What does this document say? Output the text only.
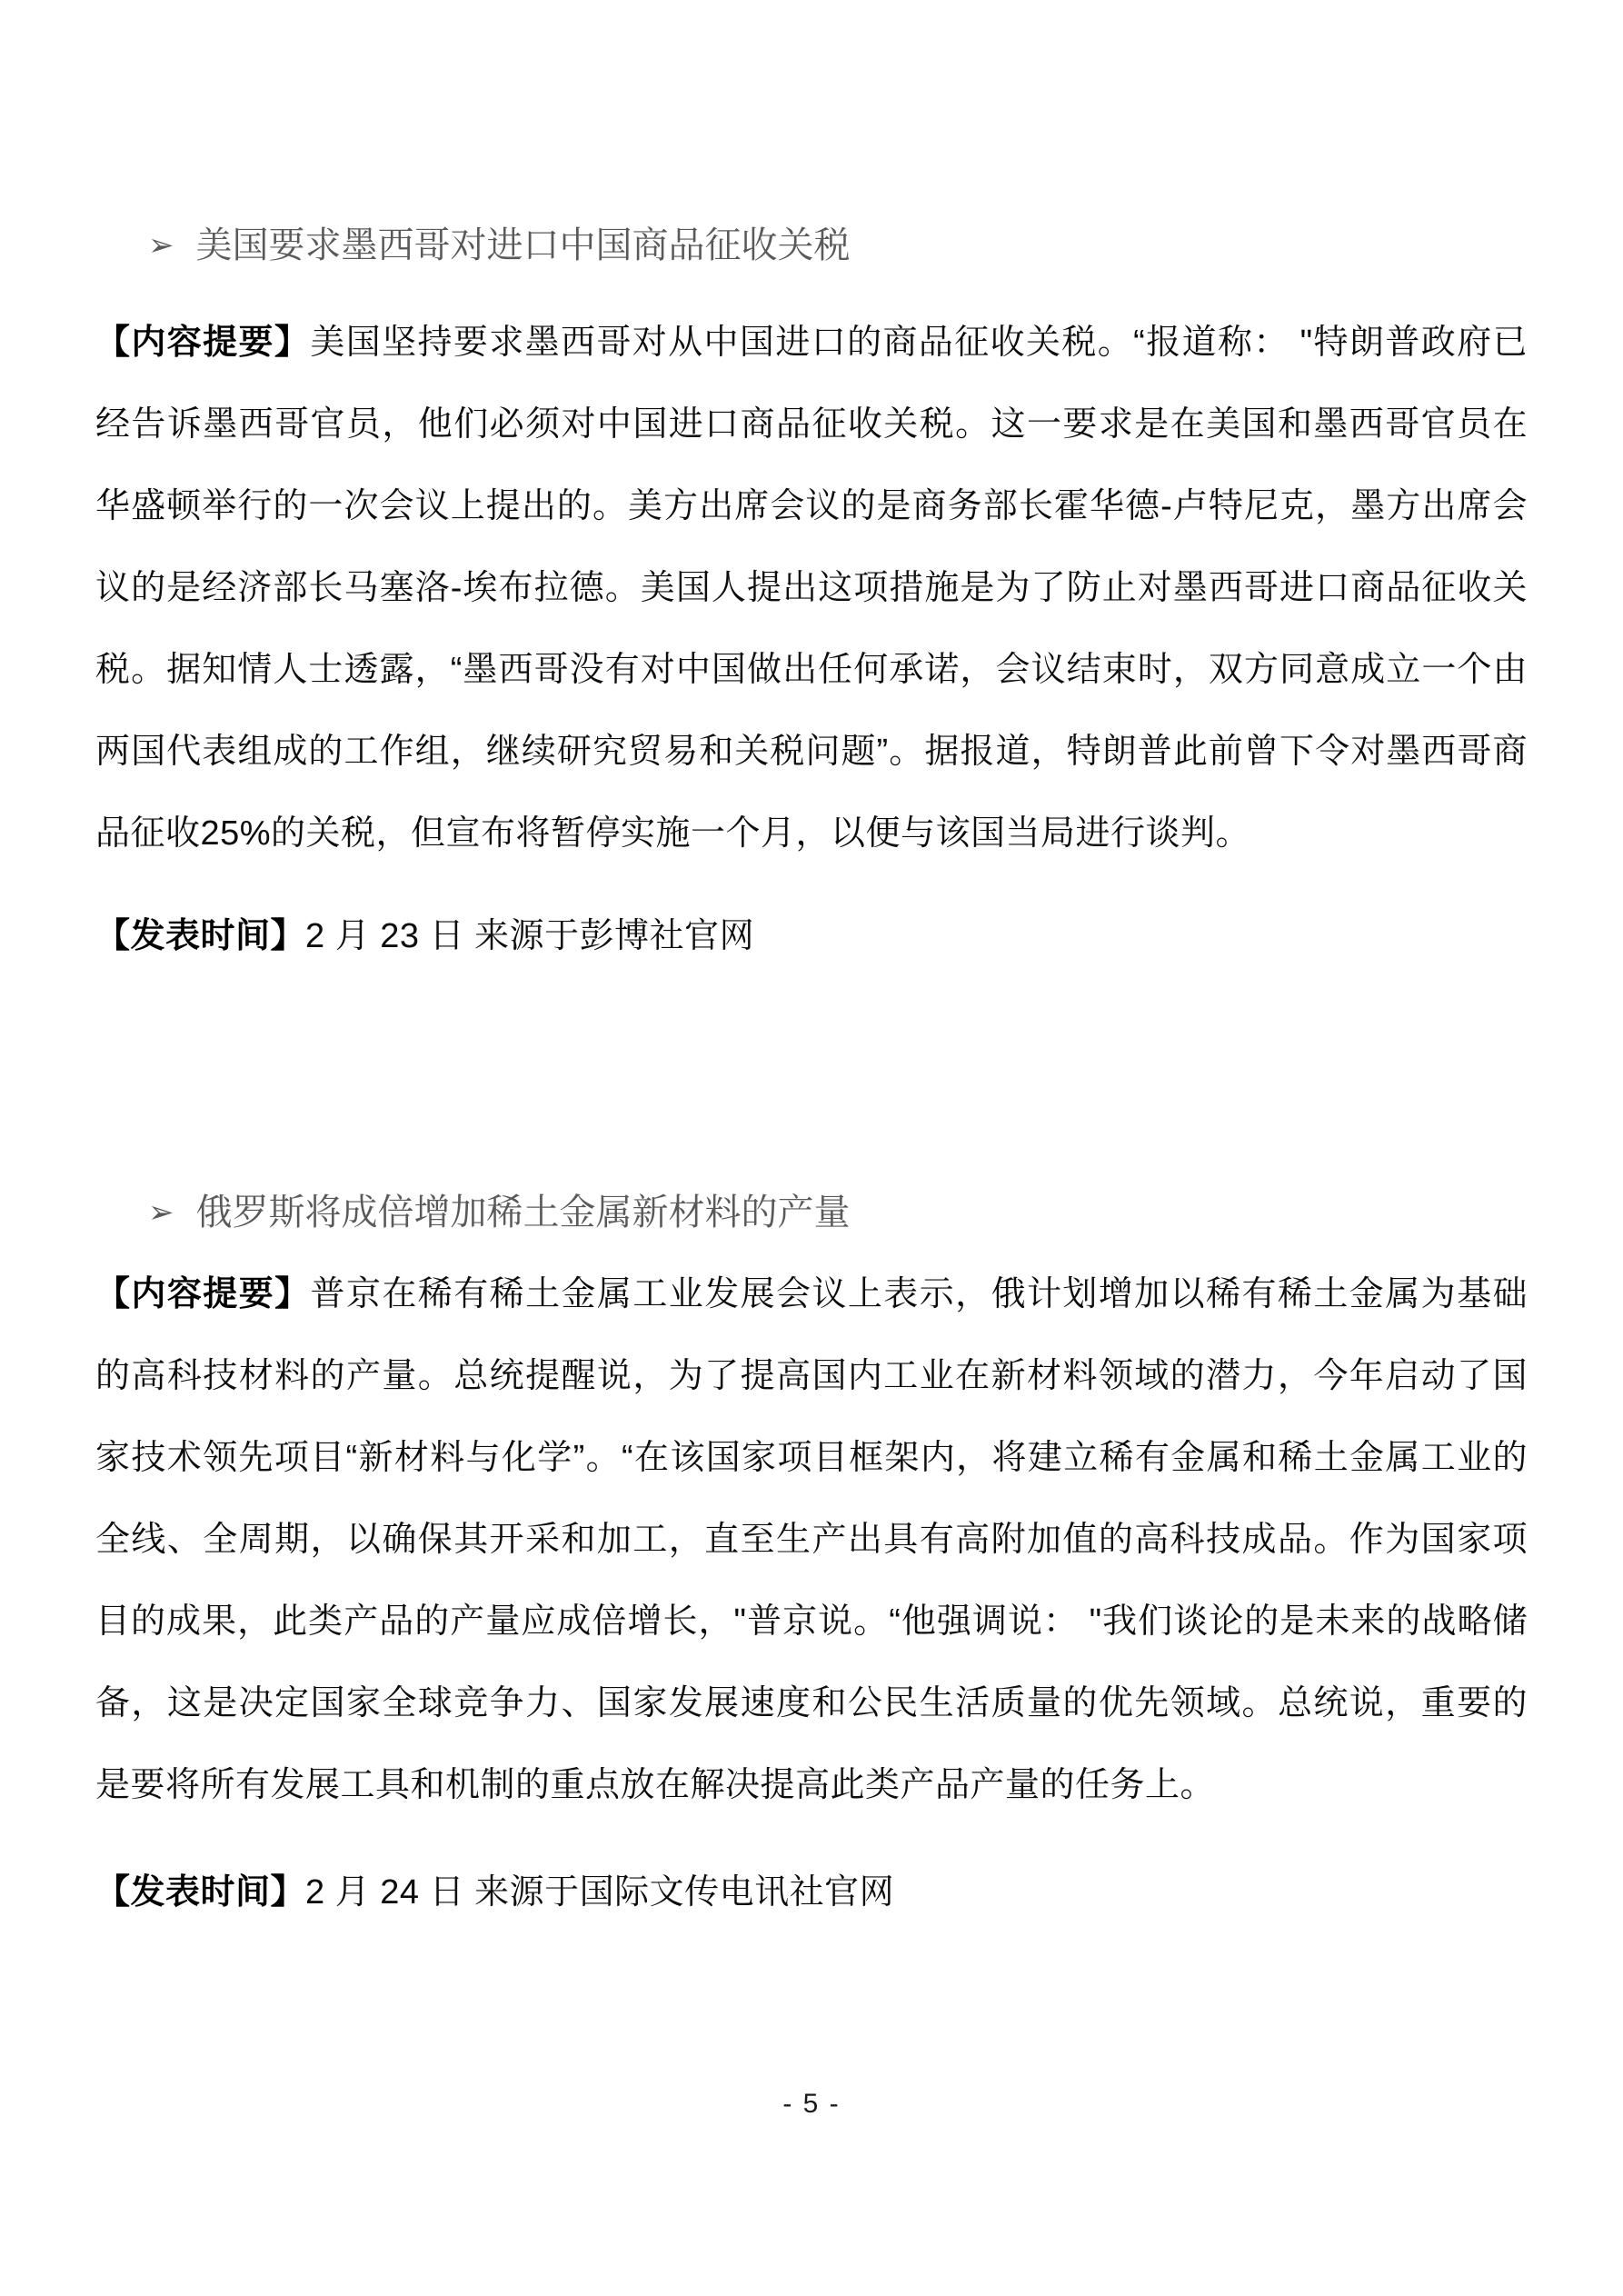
➢ 美国要求墨西哥对进口中国商品征收关税
【内容提要】美国坚持要求墨西哥对从中国进口的商品征收关税。“报道称： "特朗普政府已经告诉墨西哥官员，他们必须对中国进口商品征收关税。这一要求是在美国和墨西哥官员在华盛顿举行的一次会议上提出的。美方出席会议的是商务部长霍华德-卢特尼克，墨方出席会议的是经济部长马塞洛-埃布拉德。美国人提出这项措施是为了防止对墨西哥进口商品征收关税。据知情人士透露，“墨西哥没有对中国做出任何承诺，会议结束时，双方同意成立一个由两国代表组成的工作组，继续研究贸易和关税问题”。据报道，特朗普此前曾下令对墨西哥商品征收25%的关税，但宣布将暂停实施一个月，以便与该国当局进行谈判。
【发表时间】2 月 23 日 来源于彭博社官网
➢ 俄罗斯将成倍增加稀土金属新材料的产量
【内容提要】普京在稀有稀土金属工业发展会议上表示，俄计划增加以稀有稀土金属为基础的高科技材料的产量。总统提醒说，为了提高国内工业在新材料领域的潜力，今年启动了国家技术领先项目“新材料与化学”。“在该国家项目框架内，将建立稀有金属和稀土金属工业的全线、全周期，以确保其开采和加工，直至生产出具有高附加值的高科技成品。作为国家项目的成果，此类产品的产量应成倍增长，"普京说。“他强调说： "我们谈论的是未来的战略储备，这是决定国家全球竞争力、国家发展速度和公民生活质量的优先领域。总统说，重要的是要将所有发展工具和机制的重点放在解决提高此类产品产量的任务上。
【发表时间】2 月 24 日 来源于国际文传电讯社官网
- 5 -
